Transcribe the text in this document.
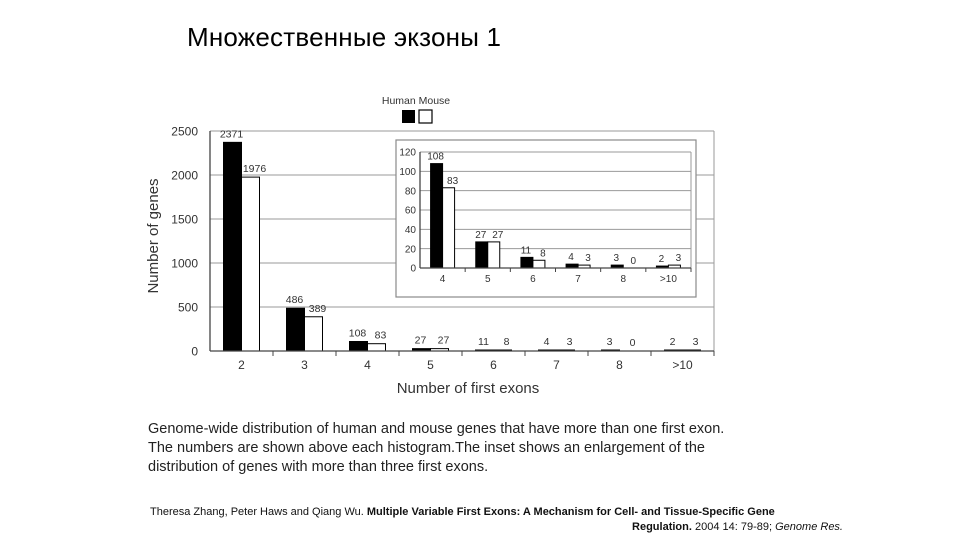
Множественные экзоны 1
2371
1976
486
389
108 83	27 27	11 8	4 3	3 0	2 3
0
500
1000
1500
2000
2500
2	3	4	5	6	7	8	>10
108
83
27 27
11 8 4 3 3 0 2 3
0
20
40
60
80
100
120
4	5	6	7	8	>10
Human Mouse
Number of genes
Number of first exons
Genome-wide distribution of human and mouse genes that have more than one first exon.
The numbers are shown above each histogram.The inset shows an enlargement of the
distribution of genes with more than three first exons.
Theresa Zhang, Peter Haws and Qiang Wu. Multiple Variable First Exons: A Mechanism for Cell- and Tissue-Specific Gene
Regulation. 2004 14: 79-89; Genome Res.
